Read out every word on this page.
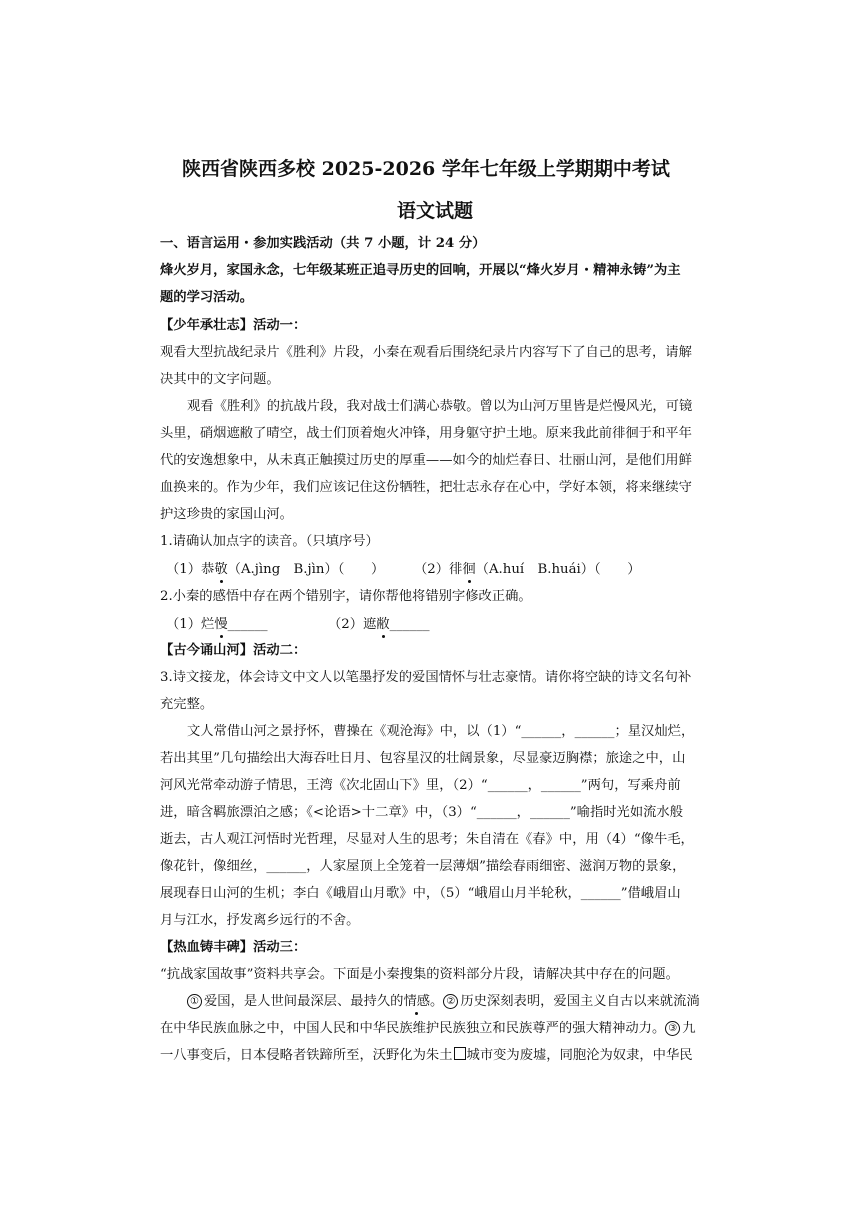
陕西省陕西多校 2025-2026 学年七年级上学期期中考试
语文试题
一、语言运用・参加实践活动（共 7 小题，计 24 分）
烽火岁月，家国永念，七年级某班正追寻历史的回响，开展以“烽火岁月・精神永铸”为主
题的学习活动。
【少年承壮志】活动一：
观看大型抗战纪录片《胜利》片段，小秦在观看后围绕纪录片内容写下了自己的思考，请解
决其中的文字问题。
观看《胜利》的抗战片段，我对战士们满心恭敬。曾以为山河万里皆是烂慢风光，可镜
头里，硝烟遮敝了晴空，战士们顶着炮火冲锋，用身躯守护土地。原来我此前徘徊于和平年
代的安逸想象中，从未真正触摸过历史的厚重——如今的灿烂春日、壮丽山河，是他们用鲜
血换来的。作为少年，我们应该记住这份牺牲，把壮志永存在心中，学好本领，将来继续守
护这珍贵的家国山河。
1.请确认加点字的读音。（只填序号）
（1）恭敬（A.jìng　B.jìn）（　　） （2）徘徊（A.huí　B.huái）（　　）
2.小秦的感悟中存在两个错别字，请你帮他将错别字修改正确。
（1）烂慢______	（2）遮敝______
【古今诵山河】活动二：
3.诗文接龙，体会诗文中文人以笔墨抒发的爱国情怀与壮志豪情。请你将空缺的诗文名句补
充完整。
文人常借山河之景抒怀，曹操在《观沧海》中，以（1）“______，______；星汉灿烂，
若出其里”几句描绘出大海吞吐日月、包容星汉的壮阔景象，尽显豪迈胸襟；旅途之中，山
河风光常牵动游子情思，王湾《次北固山下》里，（2）“______，______”两句，写乘舟前
进，暗含羁旅漂泊之感；《<论语>十二章》中，（3）“______，______”喻指时光如流水般
逝去，古人观江河悟时光哲理，尽显对人生的思考；朱自清在《春》中，用（4）“像牛毛，
像花针，像细丝，______，人家屋顶上全笼着一层薄烟”描绘春雨细密、滋润万物的景象，
展现春日山河的生机；李白《峨眉山月歌》中，（5）“峨眉山月半轮秋，______”借峨眉山
月与江水，抒发离乡远行的不舍。
【热血铸丰碑】活动三：
“抗战家国故事”资料共享会。下面是小秦搜集的资料部分片段，请解决其中存在的问题。
① 爱国，是人世间最深层、最持久的情感。 ② 历史深刻表明，爱国主义自古以来就流淌
在中华民族血脉之中，中国人民和中华民族维护民族独立和民族尊严的强大精神动力。 ③ 九
一八事变后，日本侵略者铁蹄所至，沃野化为朱土 城市变为废墟，同胞沦为奴隶，中华民
